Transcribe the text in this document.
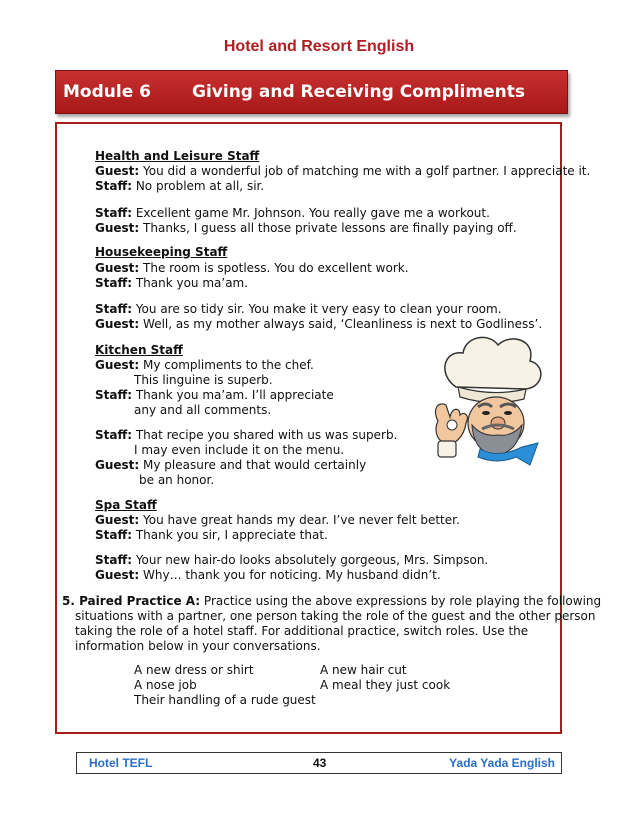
Hotel and Resort English
Module 6 Giving and Receiving Compliments
Health and Leisure Staff
Guest: You did a wonderful job of matching me with a golf partner. I appreciate it.
Staff: No problem at all, sir.
Staff: Excellent game Mr. Johnson. You really gave me a workout.
Guest: Thanks, I guess all those private lessons are finally paying off.
Housekeeping Staff
Guest: The room is spotless. You do excellent work.
Staff: Thank you ma’am.
Staff: You are so tidy sir. You make it very easy to clean your room.
Guest: Well, as my mother always said, ‘Cleanliness is next to Godliness’.
Kitchen Staff
Guest: My compliments to the chef.
This linguine is superb.
Staff: Thank you ma’am. I’ll appreciate
any and all comments.
Staff: That recipe you shared with us was superb.
I may even include it on the menu.
Guest: My pleasure and that would certainly
be an honor.
Spa Staff
Guest: You have great hands my dear. I’ve never felt better.
Staff: Thank you sir, I appreciate that.
Staff: Your new hair-do looks absolutely gorgeous, Mrs. Simpson.
Guest: Why… thank you for noticing. My husband didn’t.
5. Paired Practice A: Practice using the above expressions by role playing the following
situations with a partner, one person taking the role of the guest and the other person
taking the role of a hotel staff. For additional practice, switch roles. Use the
information below in your conversations.
A new dress or shirt	A new hair cut
A nose job	A meal they just cook
Their handling of a rude guest
Hotel TEFL	43	Yada Yada English
